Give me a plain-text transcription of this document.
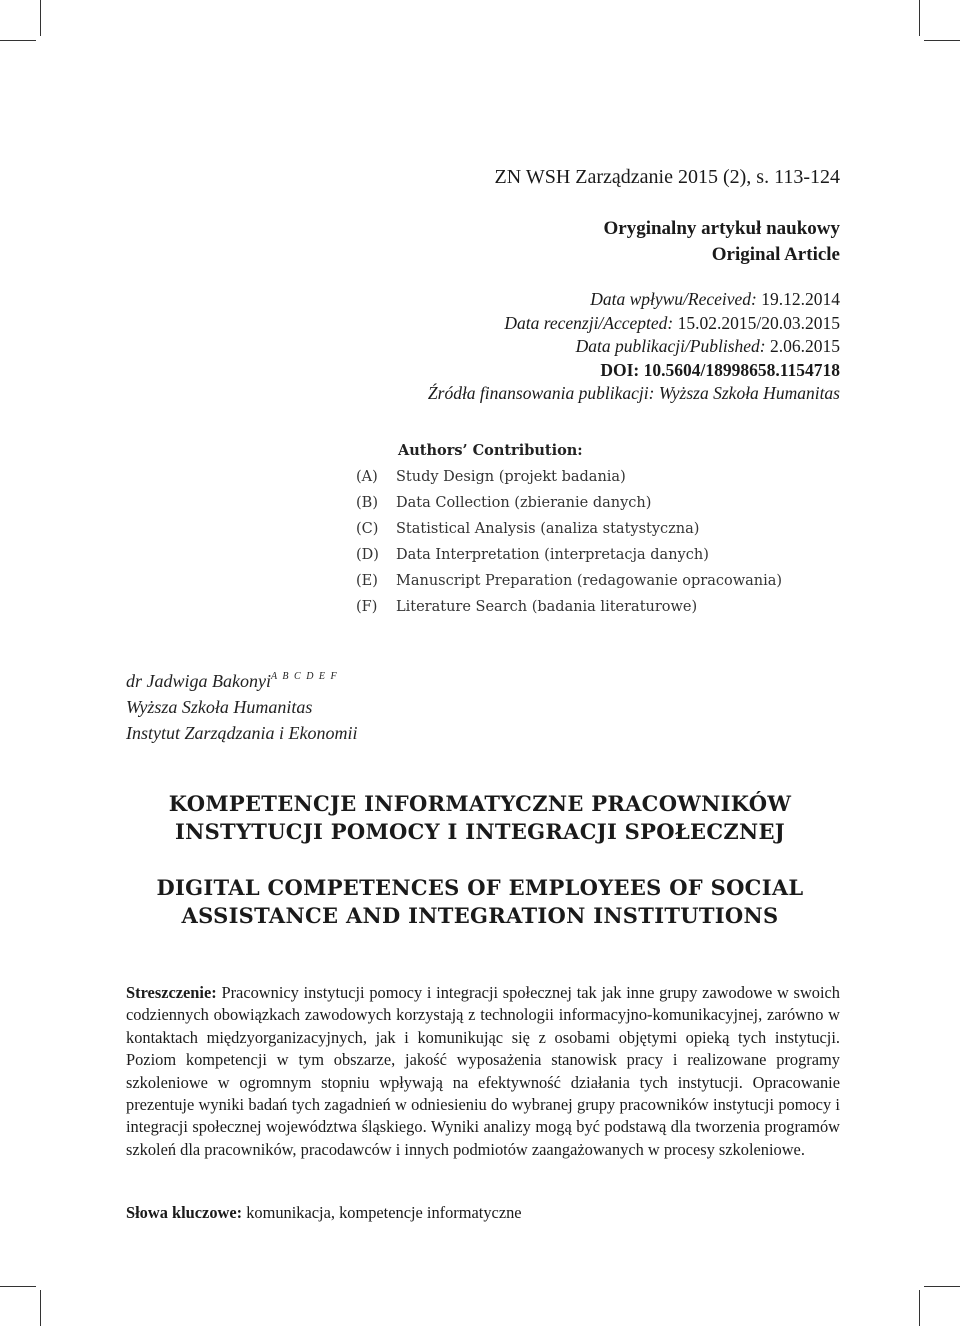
ZN WSH Zarządzanie 2015 (2), s. 113-124
Oryginalny artykuł naukowy
Original Article
Data wpływu/Received: 19.12.2014
Data recenzji/Accepted: 15.02.2015/20.03.2015
Data publikacji/Published: 2.06.2015
DOI: 10.5604/18998658.1154718
Źródła finansowania publikacji: Wyższa Szkoła Humanitas
Authors’ Contribution:
(A)	Study Design (projekt badania)
(B)	Data Collection (zbieranie danych)
(C)	Statistical Analysis (analiza statystyczna)
(D)	Data Interpretation (interpretacja danych)
(E)	Manuscript Preparation (redagowanie opracowania)
(F)	Literature Search (badania literaturowe)
dr Jadwiga Bakonyi$^{A B C D E F}$
Wyższa Szkoła Humanitas
Instytut Zarządzania i Ekonomii
KOMPETENCJE INFORMATYCZNE PRACOWNIKÓW
INSTYTUCJI POMOCY I INTEGRACJI SPOŁECZNEJ
DIGITAL COMPETENCES OF EMPLOYEES OF SOCIAL
ASSISTANCE AND INTEGRATION INSTITUTIONS
Streszczenie: Pracownicy instytucji pomocy i integracji społecznej tak jak inne grupy zawodowe w swoich codziennych obowiązkach zawodowych korzystają z technologii informacyjno-komunikacyjnej, zarówno w kontaktach międzyorganizacyjnych, jak i komunikując się z osobami objętymi opieką tych instytucji. Poziom kompetencji w tym obszarze, jakość wyposażenia stanowisk pracy i realizowane programy szkoleniowe w ogromnym stopniu wpływają na efektywność działania tych instytucji. Opracowanie prezentuje wyniki badań tych zagadnień w odniesieniu do wybranej grupy pracowników instytucji pomocy i integracji społecznej województwa śląskiego. Wyniki analizy mogą być podstawą dla tworzenia programów szkoleń dla pracowników, pracodawców i innych podmiotów zaangażowanych w procesy szkoleniowe.
Słowa kluczowe: komunikacja, kompetencje informatyczne
